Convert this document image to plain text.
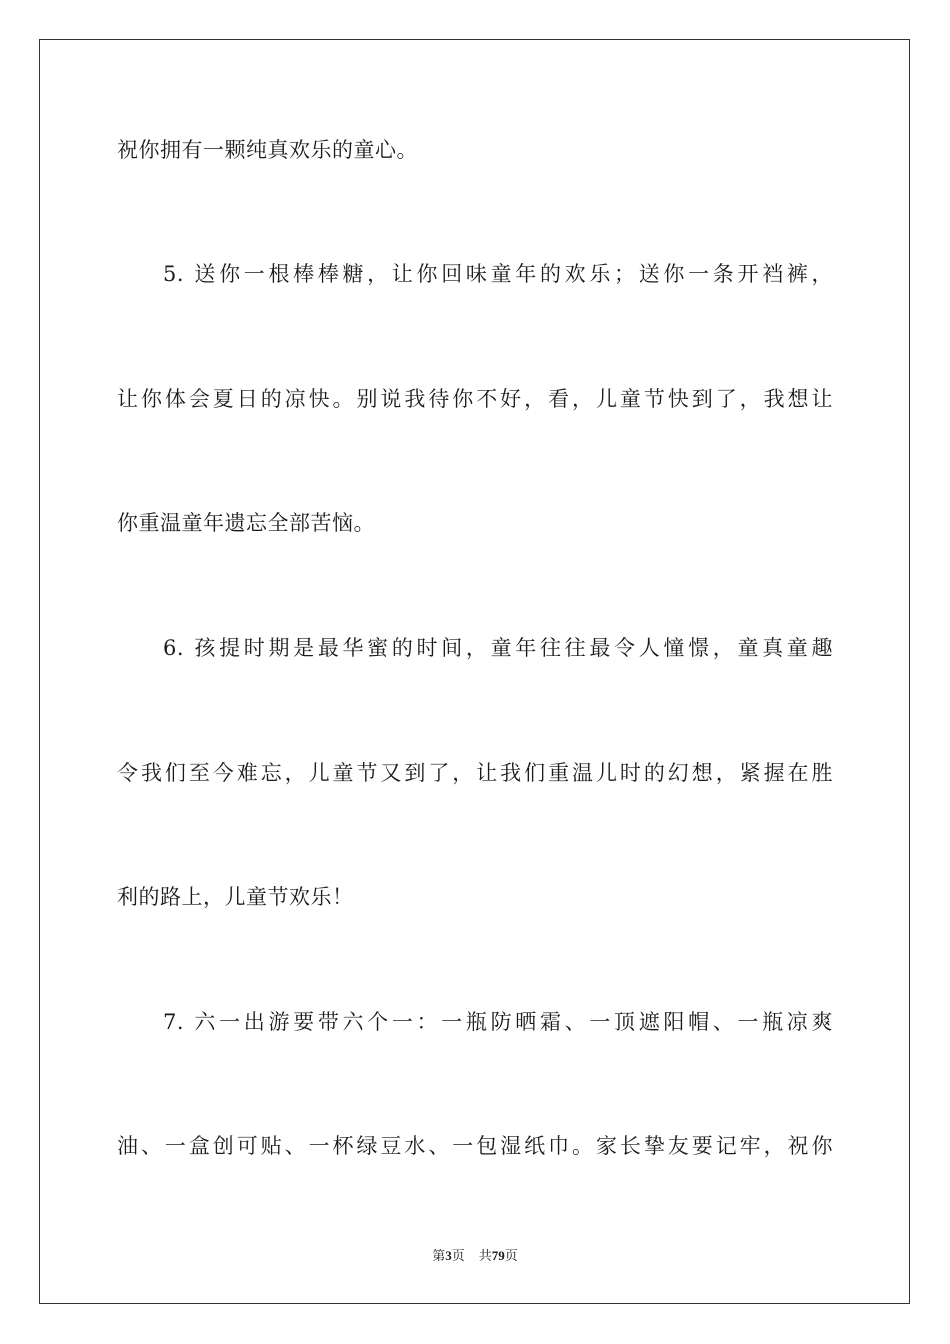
祝你拥有一颗纯真欢乐的童心。
5. 送你一根棒棒糖，让你回味童年的欢乐；送你一条开裆裤，
让你体会夏日的凉快。别说我待你不好，看，儿童节快到了，我想让
你重温童年遗忘全部苦恼。
6. 孩提时期是最华蜜的时间，童年往往最令人憧憬，童真童趣
令我们至今难忘，儿童节又到了，让我们重温儿时的幻想，紧握在胜
利的路上，儿童节欢乐！
7. 六一出游要带六个一：一瓶防晒霜、一顶遮阳帽、一瓶凉爽
油、一盒创可贴、一杯绿豆水、一包湿纸巾。家长挚友要记牢，祝你
第3页 共79页
